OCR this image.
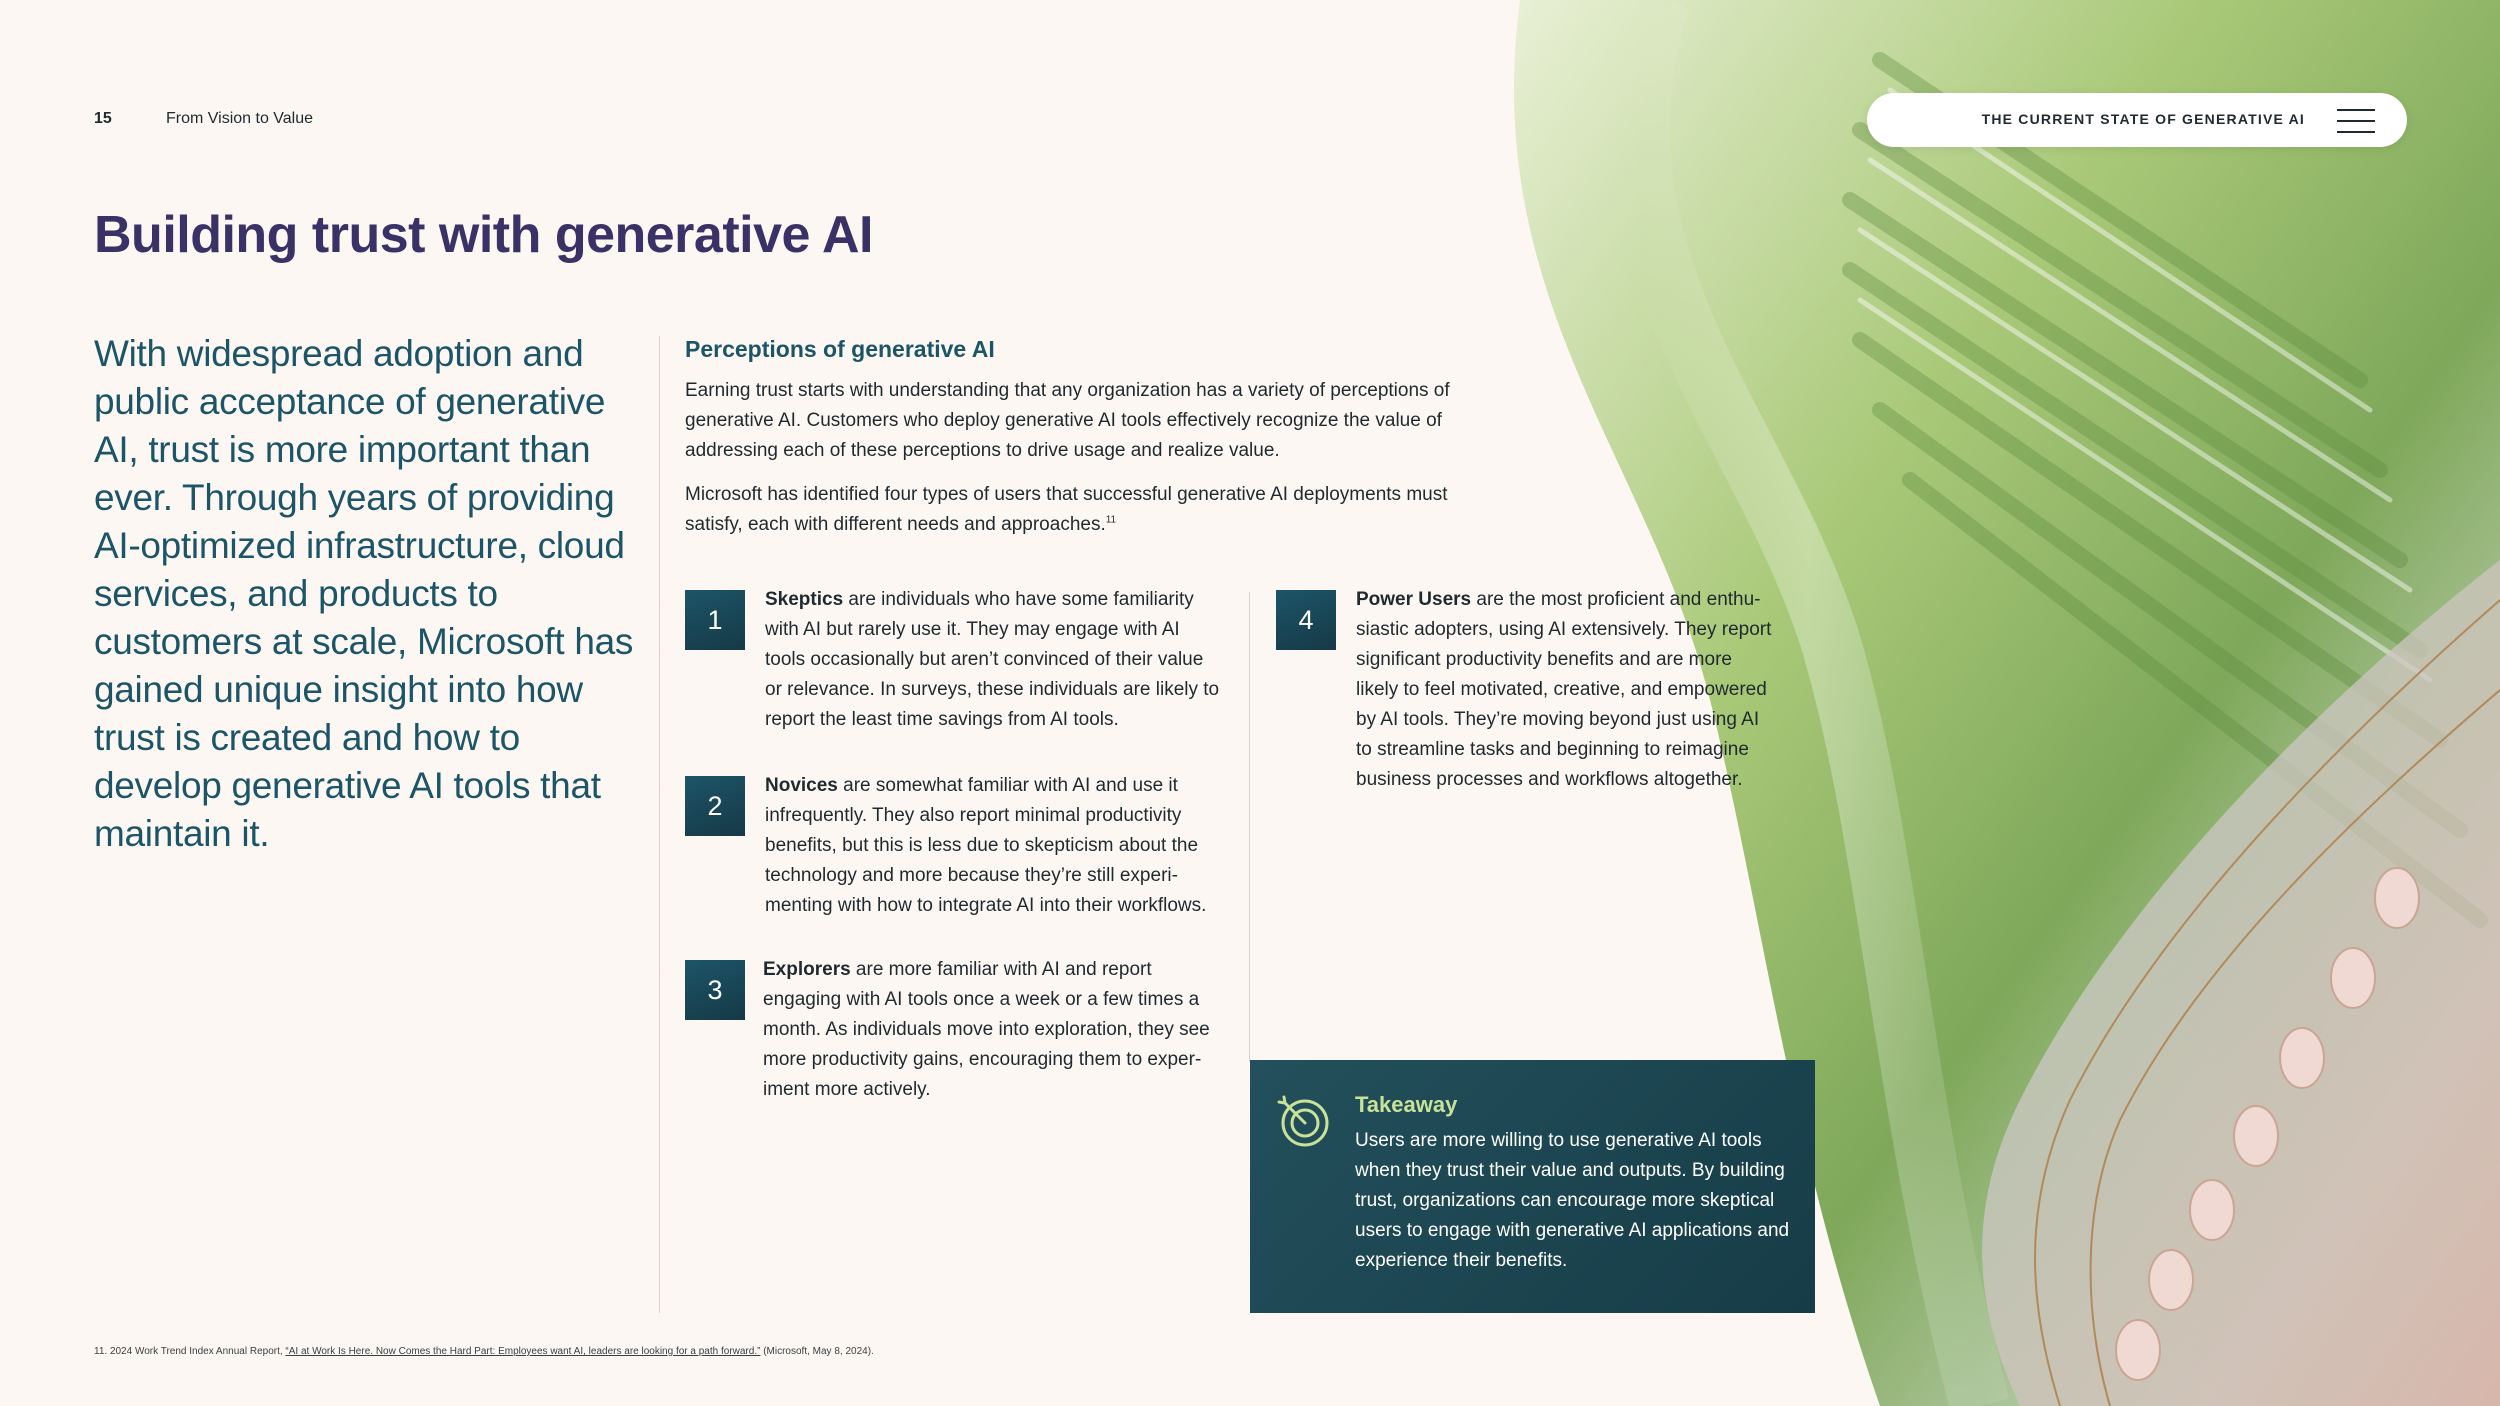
15	From Vision to Value	THE CURRENT STATE OF GENERATIVE AI
Building trust with generative AI

With widespread adoption and public acceptance of generative AI, trust is more important than ever. Through years of providing AI-optimized infrastructure, cloud services, and products to customers at scale, Microsoft has gained unique insight into how trust is created and how to develop generative AI tools that maintain it.

Perceptions of generative AI

Earning trust starts with understanding that any organization has a variety of perceptions of generative AI. Customers who deploy generative AI tools effectively recognize the value of addressing each of these perceptions to drive usage and realize value.

Microsoft has identified four types of users that successful generative AI deployments must satisfy, each with different needs and approaches.$^{11}$

1

Skeptics are individuals who have some familiarity with AI but rarely use it. They may engage with AI tools occasionally but aren’t convinced of their value or relevance. In surveys, these individuals are likely to report the least time savings from AI tools.

2

Novices are somewhat familiar with AI and use it infrequently. They also report minimal productivity benefits, but this is less due to skepticism about the technology and more because they’re still experi-menting with how to integrate AI into their workflows.

3

Explorers are more familiar with AI and report engaging with AI tools once a week or a few times a month. As individuals move into exploration, they see more productivity gains, encouraging them to exper-iment more actively.

4

Power Users are the most proficient and enthu-siastic adopters, using AI extensively. They report significant productivity benefits and are more likely to feel motivated, creative, and empowered by AI tools. They’re moving beyond just using AI to streamline tasks and beginning to reimagine business processes and workflows altogether.

Takeaway

Users are more willing to use generative AI tools when they trust their value and outputs. By building trust, organizations can encourage more skeptical users to engage with generative AI applications and experience their benefits.

11. 2024 Work Trend Index Annual Report, “AI at Work Is Here. Now Comes the Hard Part: Employees want AI, leaders are looking for a path forward.” (Microsoft, May 8, 2024).
